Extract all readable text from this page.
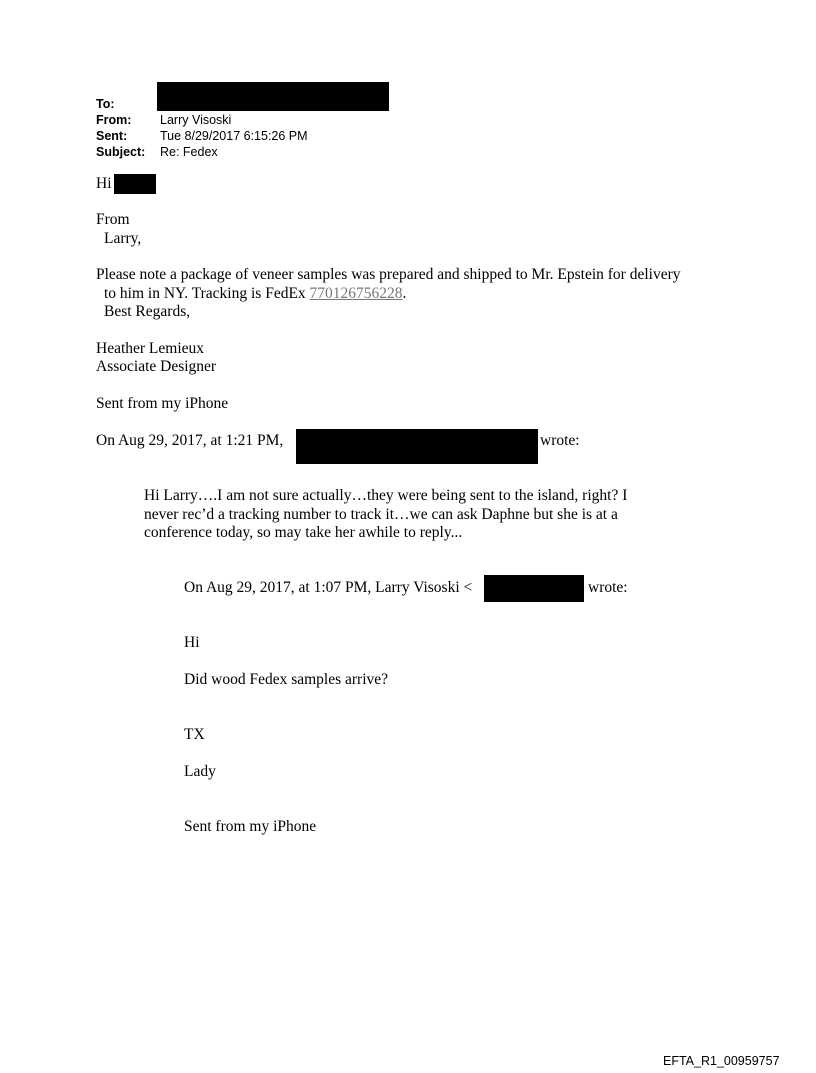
To:
From: Larry Visoski
Sent:	Tue 8/29/2017 6:15:26 PM
Subject: Re: Fedex
Hi
From
Larry,
Please note a package of veneer samples was prepared and shipped to Mr. Epstein for delivery
to him in NY. Tracking is FedEx 770126756228.
Best Regards,
Heather Lemieux
Associate Designer
Sent from my iPhone
On Aug 29, 2017, at 1:21 PM,	wrote:
Hi Larry….I am not sure actually…they were being sent to the island, right? I
never rec’d a tracking number to track it…we can ask Daphne but she is at a
conference today, so may take her awhile to reply...
On Aug 29, 2017, at 1:07 PM, Larry Visoski <	wrote:
Hi
Did wood Fedex samples arrive?
TX
Lady
Sent from my iPhone
EFTA_R1_00959757
